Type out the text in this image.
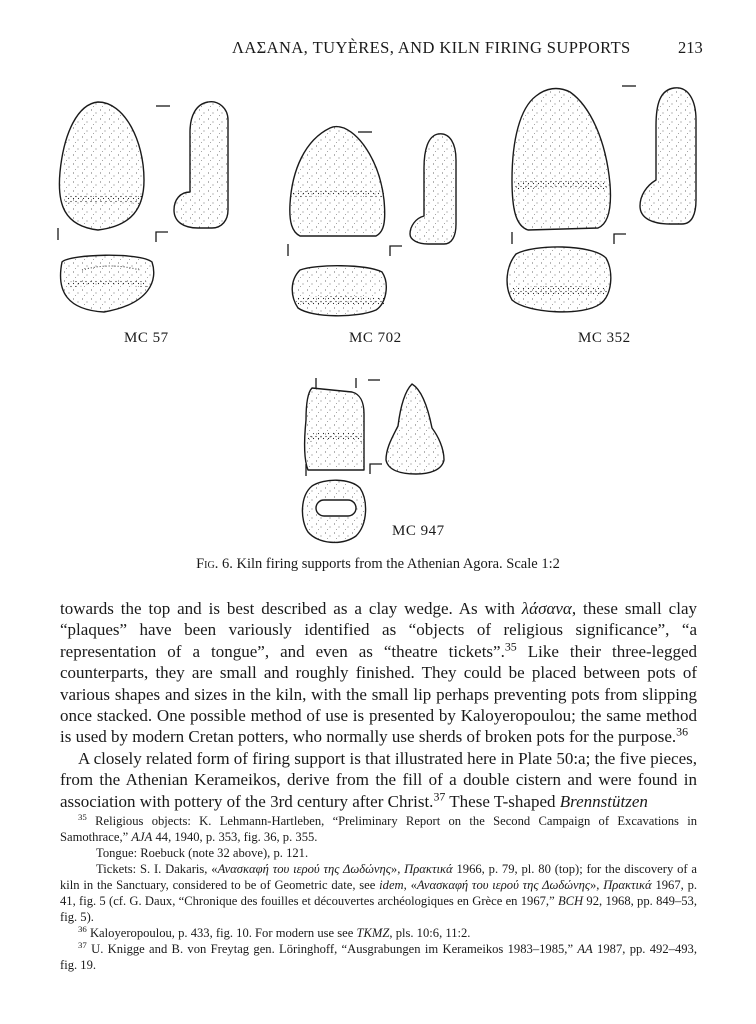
ΛΑΣΑΝΑ, TUYÈRES, AND KILN FIRING SUPPORTS	213
MC 57	MC 702	MC 352
MC 947
Fig. 6. Kiln firing supports from the Athenian Agora. Scale 1:2

towards the top and is best described as a clay wedge. As with λάσανα, these small clay “plaques” have been variously identified as “objects of religious significance”, “a representation of a tongue”, and even as “theatre tickets”.$^{35}$ Like their three-legged counterparts, they are small and roughly finished. They could be placed between pots of various shapes and sizes in the kiln, with the small lip perhaps preventing pots from slipping once stacked. One possible method of use is presented by Kaloyeropoulou; the same method is used by modern Cretan potters, who normally use sherds of broken pots for the purpose.$^{36}$

A closely related form of firing support is that illustrated here in Plate 50:a; the five pieces, from the Athenian Kerameikos, derive from the fill of a double cistern and were found in association with pottery of the 3rd century after Christ.$^{37}$ These T-shaped Brennstützen

$^{35}$ Religious objects: K. Lehmann-Hartleben, “Preliminary Report on the Second Campaign of Excavations in Samothrace,” AJA 44, 1940, p. 353, fig. 36, p. 355.

Tongue: Roebuck (note 32 above), p. 121.

Tickets: S. I. Dakaris, «Ανασκαφή του ιερού της Δωδώνης», Πρακτικά 1966, p. 79, pl. 80 (top); for the discovery of a kiln in the Sanctuary, considered to be of Geometric date, see idem, «Ανασκαφή του ιερού της Δωδώνης», Πρακτικά 1967, p. 41, fig. 5 (cf. G. Daux, “Chronique des fouilles et découvertes archéologiques en Grèce en 1967,” BCH 92, 1968, pp. 849–53, fig. 5).

$^{36}$ Kaloyeropoulou, p. 433, fig. 10. For modern use see TKMZ, pls. 10:6, 11:2.

$^{37}$ U. Knigge and B. von Freytag gen. Löringhoff, “Ausgrabungen im Kerameikos 1983–1985,” AA 1987, pp. 492–493, fig. 19.
